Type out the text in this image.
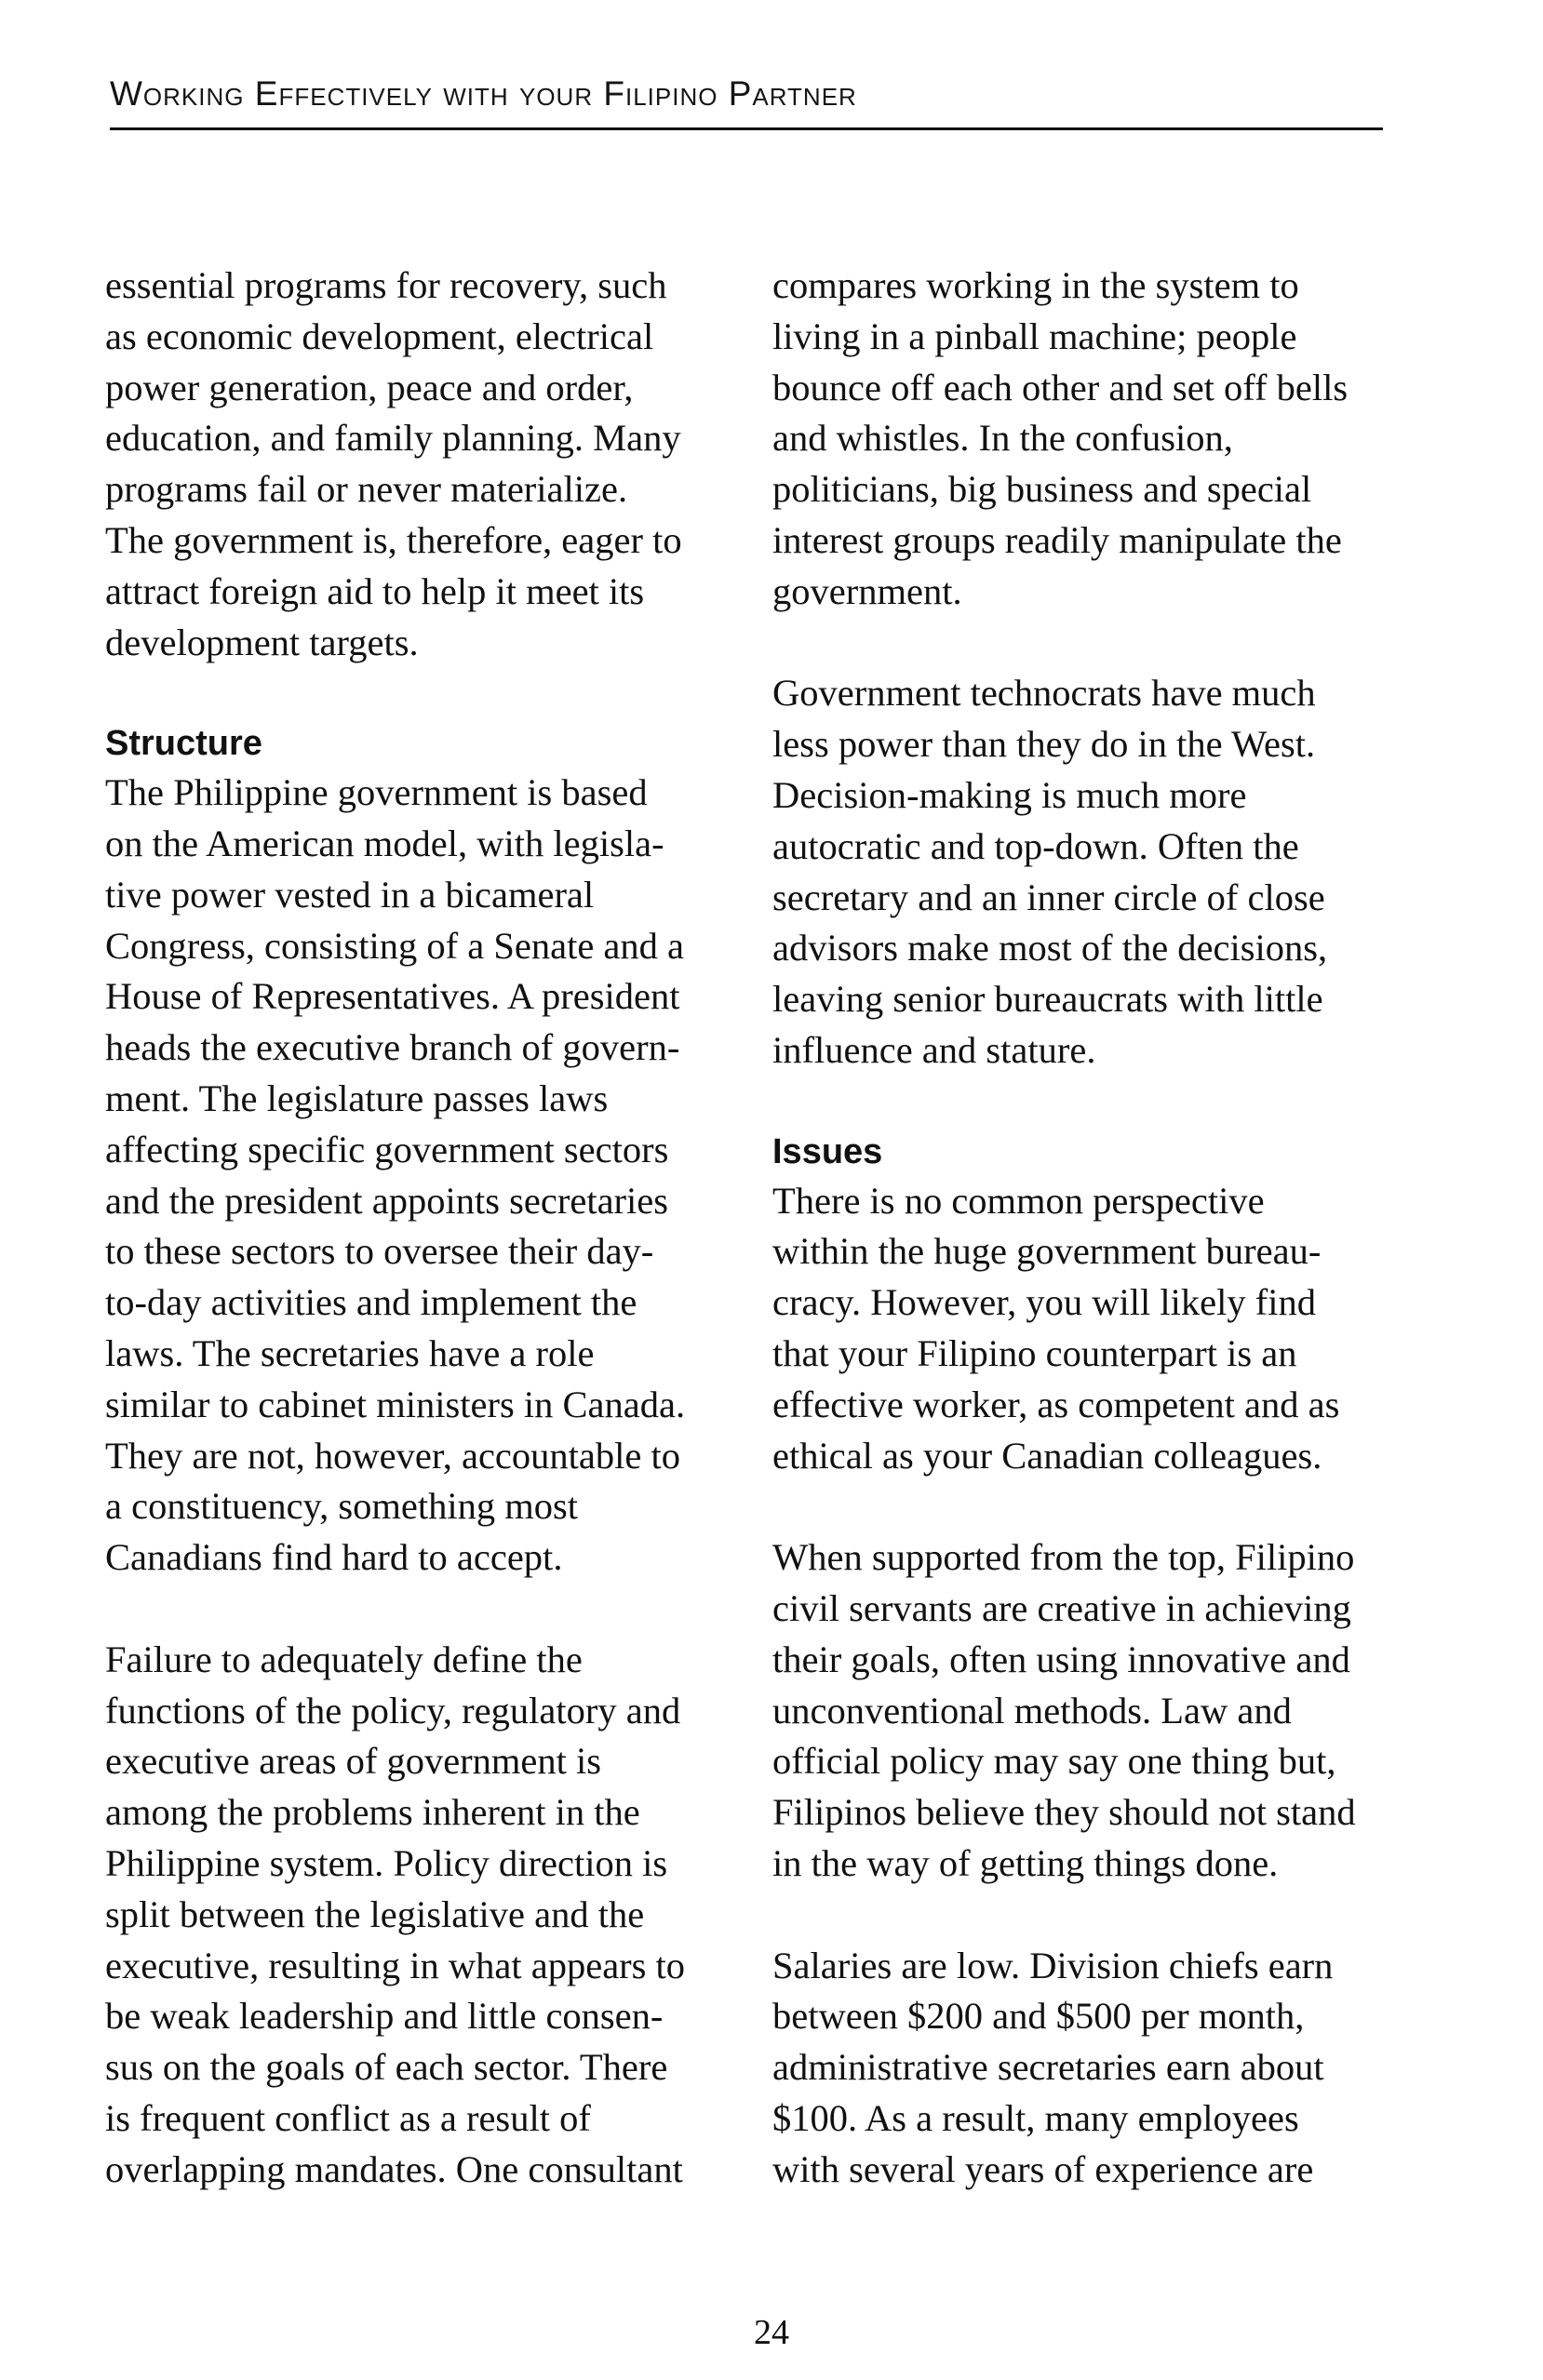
Working Effectively with your Filipino Partner
essential programs for recovery, such
as economic development, electrical
power generation, peace and order,
education, and family planning. Many
programs fail or never materialize.
The government is, therefore, eager to
attract foreign aid to help it meet its
development targets.
Structure
The Philippine government is based
on the American model, with legisla-
tive power vested in a bicameral
Congress, consisting of a Senate and a
House of Representatives. A president
heads the executive branch of govern-
ment. The legislature passes laws
affecting specific government sectors
and the president appoints secretaries
to these sectors to oversee their day-
to-day activities and implement the
laws. The secretaries have a role
similar to cabinet ministers in Canada.
They are not, however, accountable to
a constituency, something most
Canadians find hard to accept.
Failure to adequately define the
functions of the policy, regulatory and
executive areas of government is
among the problems inherent in the
Philippine system. Policy direction is
split between the legislative and the
executive, resulting in what appears to
be weak leadership and little consen-
sus on the goals of each sector. There
is frequent conflict as a result of
overlapping mandates. One consultant
compares working in the system to
living in a pinball machine; people
bounce off each other and set off bells
and whistles. In the confusion,
politicians, big business and special
interest groups readily manipulate the
government.
Government technocrats have much
less power than they do in the West.
Decision-making is much more
autocratic and top-down. Often the
secretary and an inner circle of close
advisors make most of the decisions,
leaving senior bureaucrats with little
influence and stature.
Issues
There is no common perspective
within the huge government bureau-
cracy. However, you will likely find
that your Filipino counterpart is an
effective worker, as competent and as
ethical as your Canadian colleagues.
When supported from the top, Filipino
civil servants are creative in achieving
their goals, often using innovative and
unconventional methods. Law and
official policy may say one thing but,
Filipinos believe they should not stand
in the way of getting things done.
Salaries are low. Division chiefs earn
between $200 and $500 per month,
administrative secretaries earn about
$100. As a result, many employees
with several years of experience are
24
